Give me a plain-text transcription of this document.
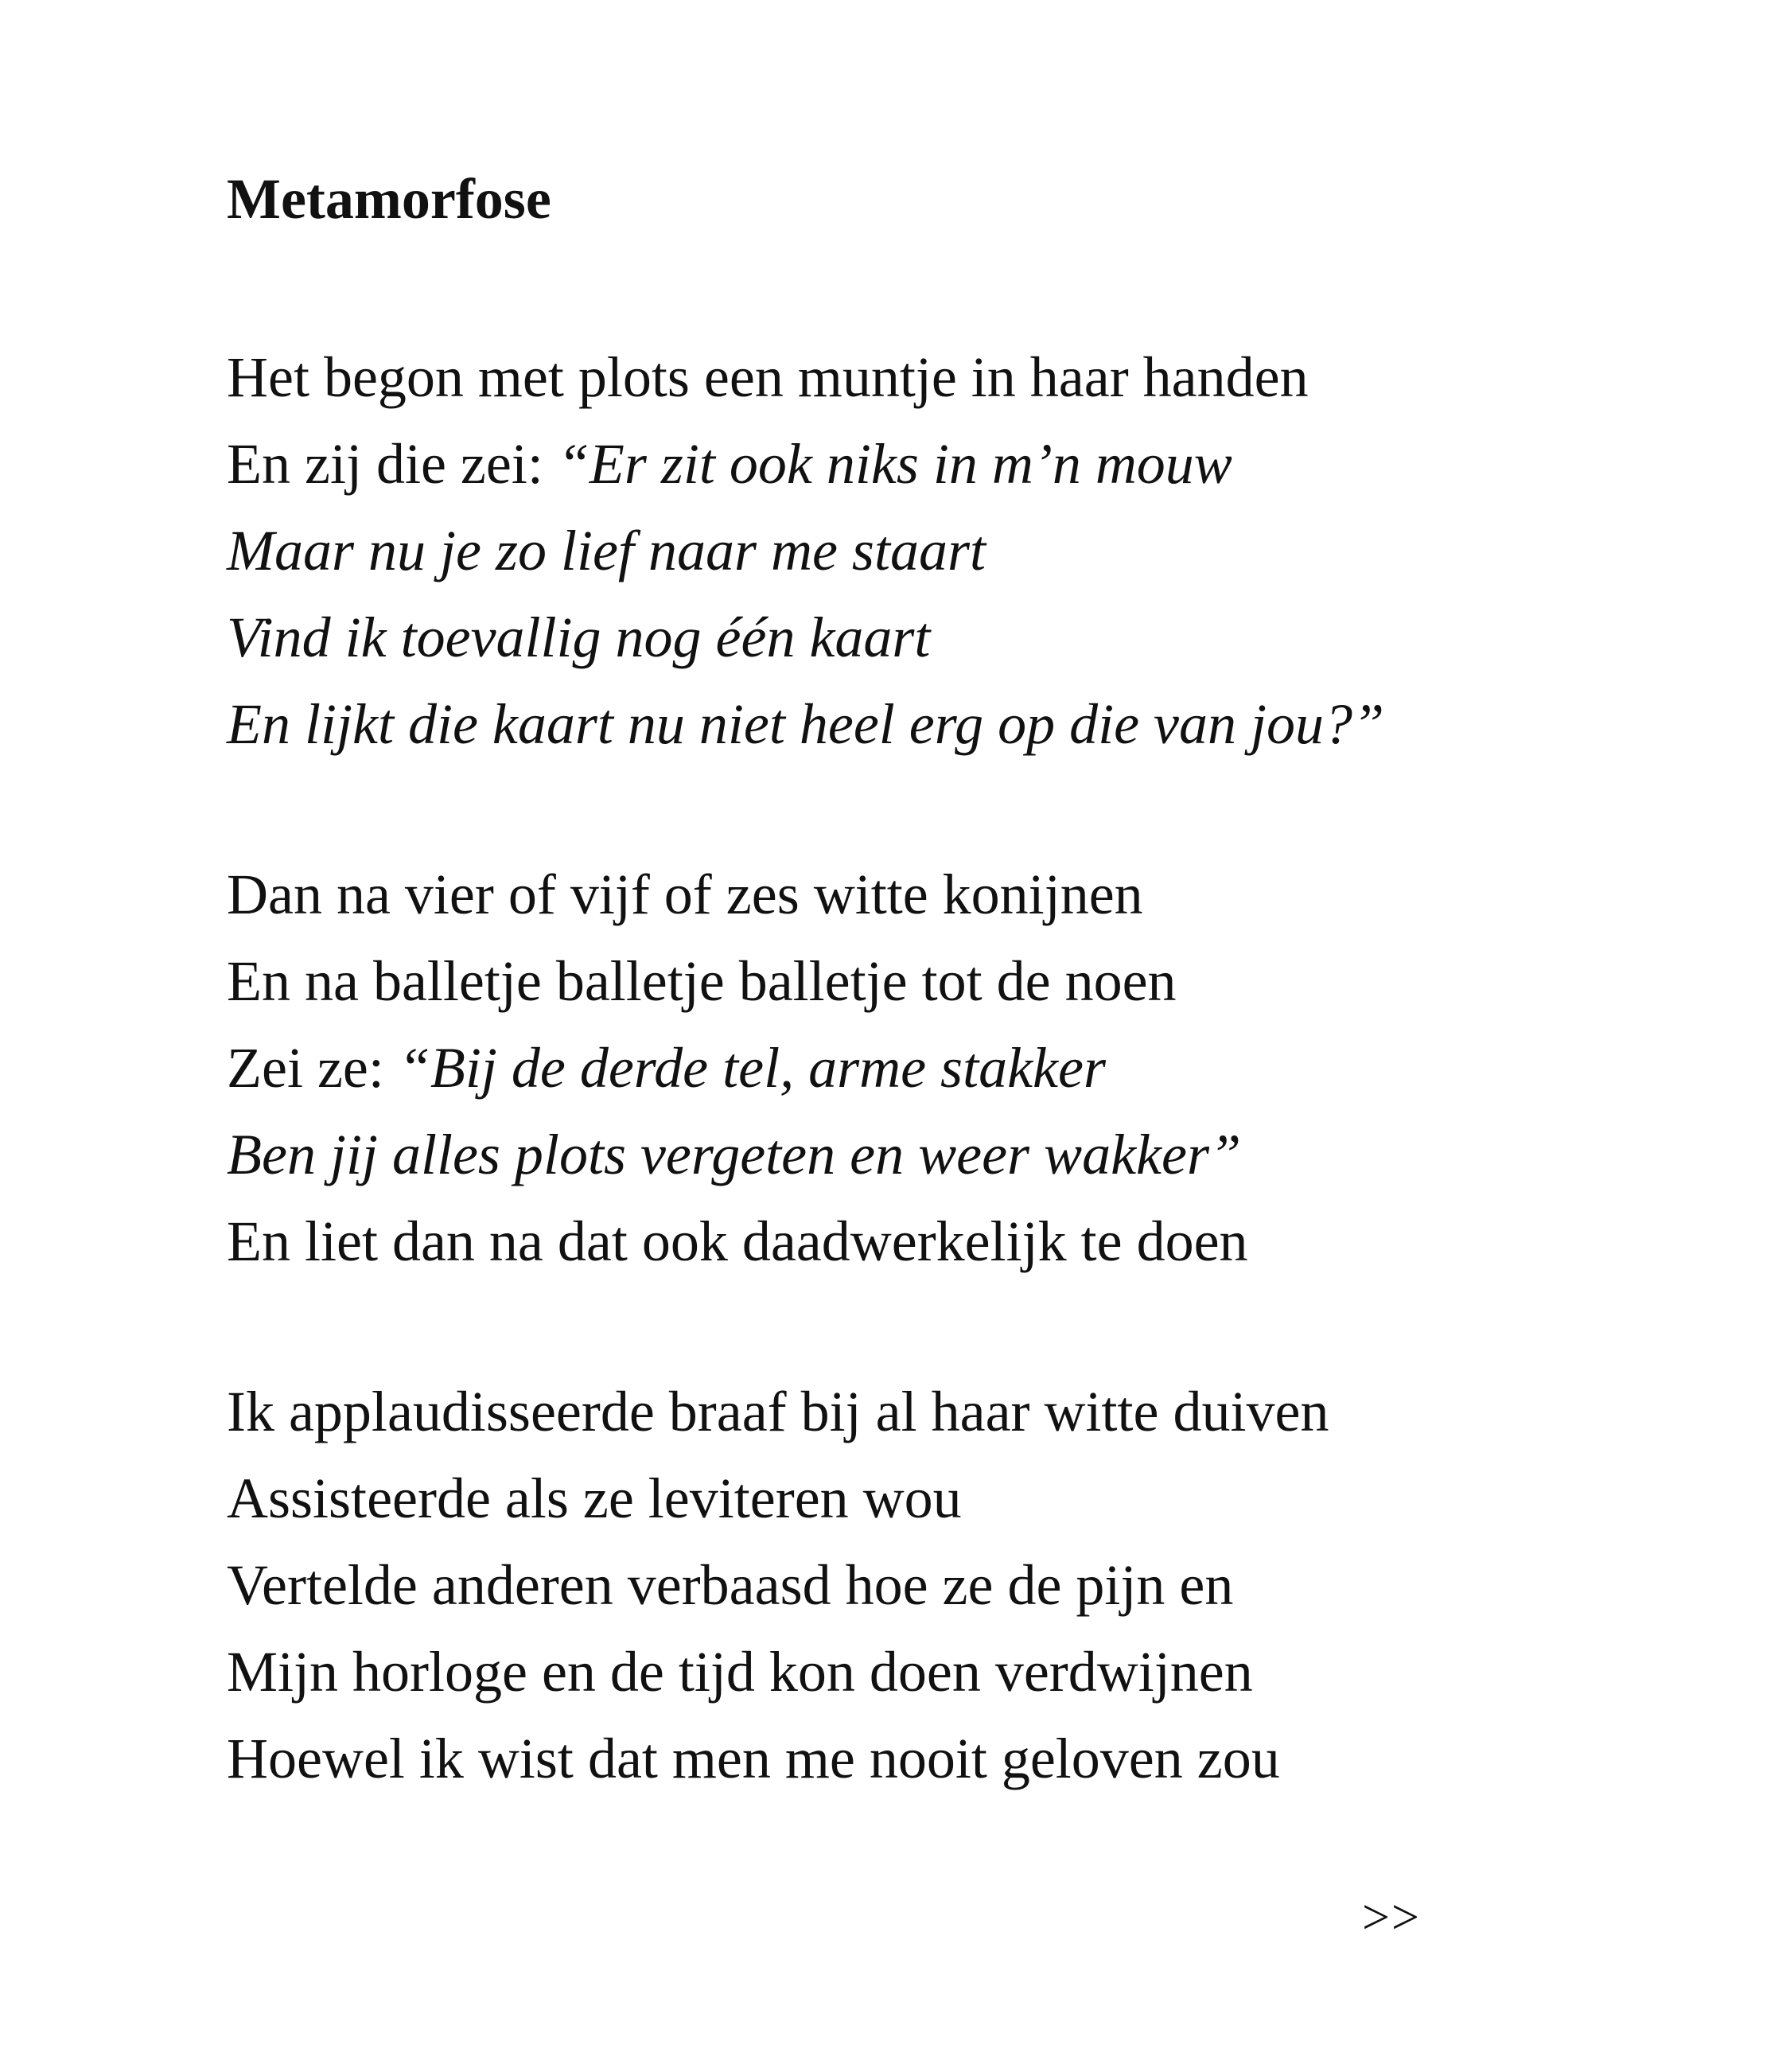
Metamorfose
Het begon met plots een muntje in haar handen
En zij die zei: “Er zit ook niks in m’n mouw
Maar nu je zo lief naar me staart
Vind ik toevallig nog één kaart
En lijkt die kaart nu niet heel erg op die van jou?”
Dan na vier of vijf of zes witte konijnen
En na balletje balletje balletje tot de noen
Zei ze: “Bij de derde tel, arme stakker
Ben jij alles plots vergeten en weer wakker”
En liet dan na dat ook daadwerkelijk te doen
Ik applaudisseerde braaf bij al haar witte duiven
Assisteerde als ze leviteren wou
Vertelde anderen verbaasd hoe ze de pijn en
Mijn horloge en de tijd kon doen verdwijnen
Hoewel ik wist dat men me nooit geloven zou
>>
